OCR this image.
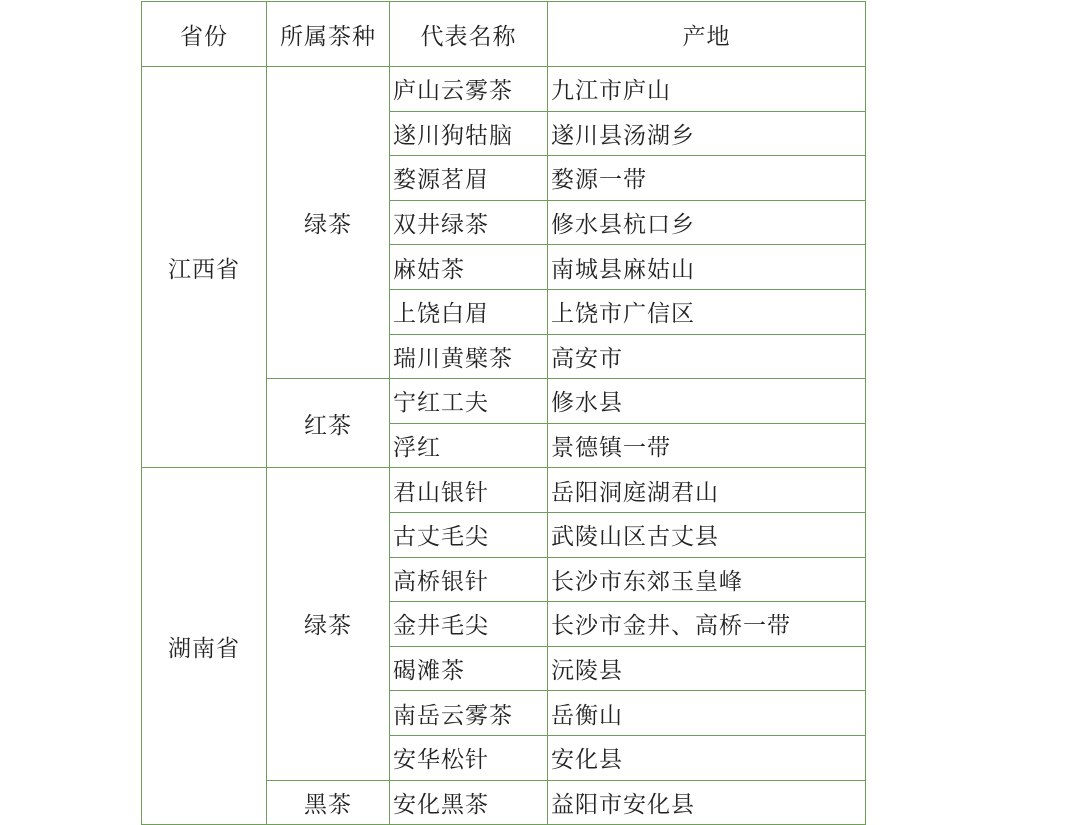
省份	所属茶种	代表名称	产地
江西省	绿茶	庐山云雾茶	九江市庐山
		遂川狗牯脑	遂川县汤湖乡
		婺源茗眉	婺源一带
		双井绿茶	修水县杭口乡
		麻姑茶	南城县麻姑山
		上饶白眉	上饶市广信区
		瑞川黄檗茶	高安市
	红茶	宁红工夫	修水县
		浮红	景德镇一带
湖南省	绿茶	君山银针	岳阳洞庭湖君山
		古丈毛尖	武陵山区古丈县
		高桥银针	长沙市东郊玉皇峰
		金井毛尖	长沙市金井、高桥一带
		碣滩茶	沅陵县
		南岳云雾茶	岳衡山
		安华松针	安化县
	黑茶	安化黑茶	益阳市安化县
